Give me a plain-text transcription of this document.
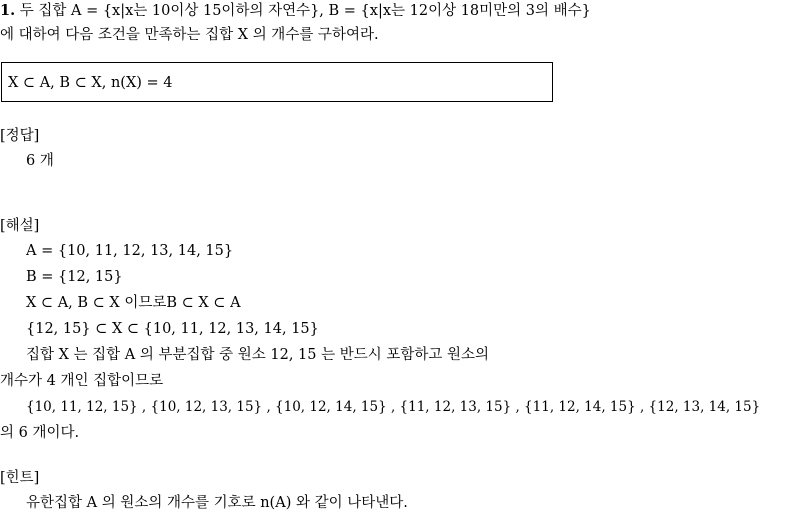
1. 두 집합 A = {x|x는 10이상 15이하의 자연수}, B = {x|x는 12이상 18미만의 3의 배수}
에 대하여 다음 조건을 만족하는 집합 X 의 개수를 구하여라.
X ⊂ A, B ⊂ X, n(X) = 4
[정답]
6 개
[해설]
A = {10, 11, 12, 13, 14, 15}
B = {12, 15}
X ⊂ A, B ⊂ X 이므로B ⊂ X ⊂ A
{12, 15} ⊂ X ⊂ {10, 11, 12, 13, 14, 15}
집합 X 는 집합 A 의 부분집합 중 원소 12, 15 는 반드시 포함하고 원소의
개수가 4 개인 집합이므로
{10, 11, 12, 15} , {10, 12, 13, 15} , {10, 12, 14, 15} , {11, 12, 13, 15} , {11, 12, 14, 15} , {12, 13, 14, 15}
의 6 개이다.
[힌트]
유한집합 A 의 원소의 개수를 기호로 n(A) 와 같이 나타낸다.
